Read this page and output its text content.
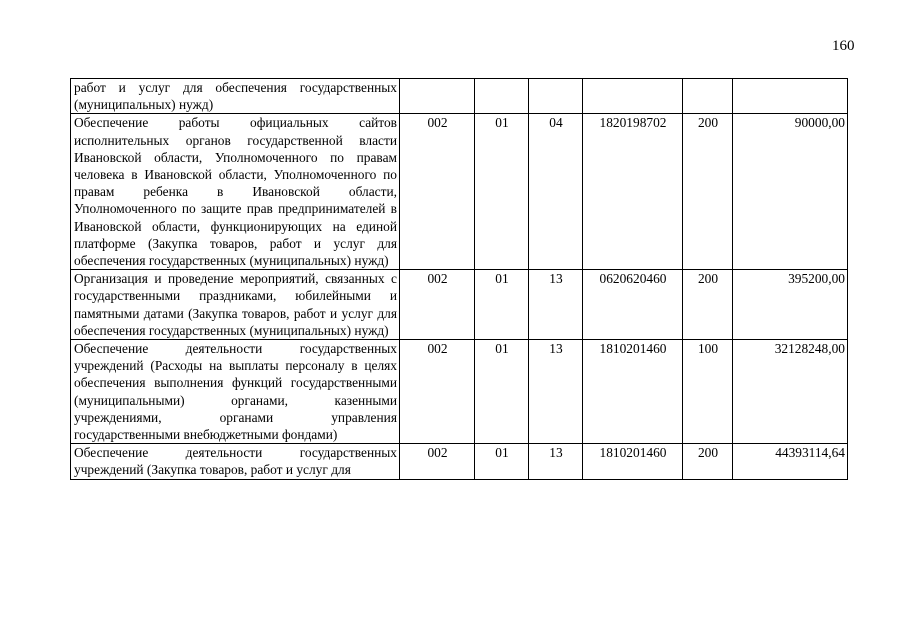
160
работ и услуг для обеспечения государственных (муниципальных) нужд)						
Обеспечение работы официальных сайтов исполнительных органов государственной власти Ивановской области, Уполномоченного по правам человека в Ивановской области, Уполномоченного по правам ребенка в Ивановской области, Уполномоченного по защите прав предпринимателей в Ивановской области, функционирующих на единой платформе (Закупка товаров, работ и услуг для обеспечения государственных (муниципальных) нужд)	002	01	04	1820198702	200	90000,00
Организация и проведение мероприятий, связанных с государственными праздниками, юбилейными и памятными датами (Закупка товаров, работ и услуг для обеспечения государственных (муниципальных) нужд)	002	01	13	0620620460	200	395200,00
Обеспечение деятельности государственных учреждений (Расходы на выплаты персоналу в целях обеспечения выполнения функций государственными (муниципальными) органами, казенными учреждениями, органами управления государственными внебюджетными фондами)	002	01	13	1810201460	100	32128248,00
Обеспечение деятельности государственных учреждений (Закупка товаров, работ и услуг для	002	01	13	1810201460	200	44393114,64
